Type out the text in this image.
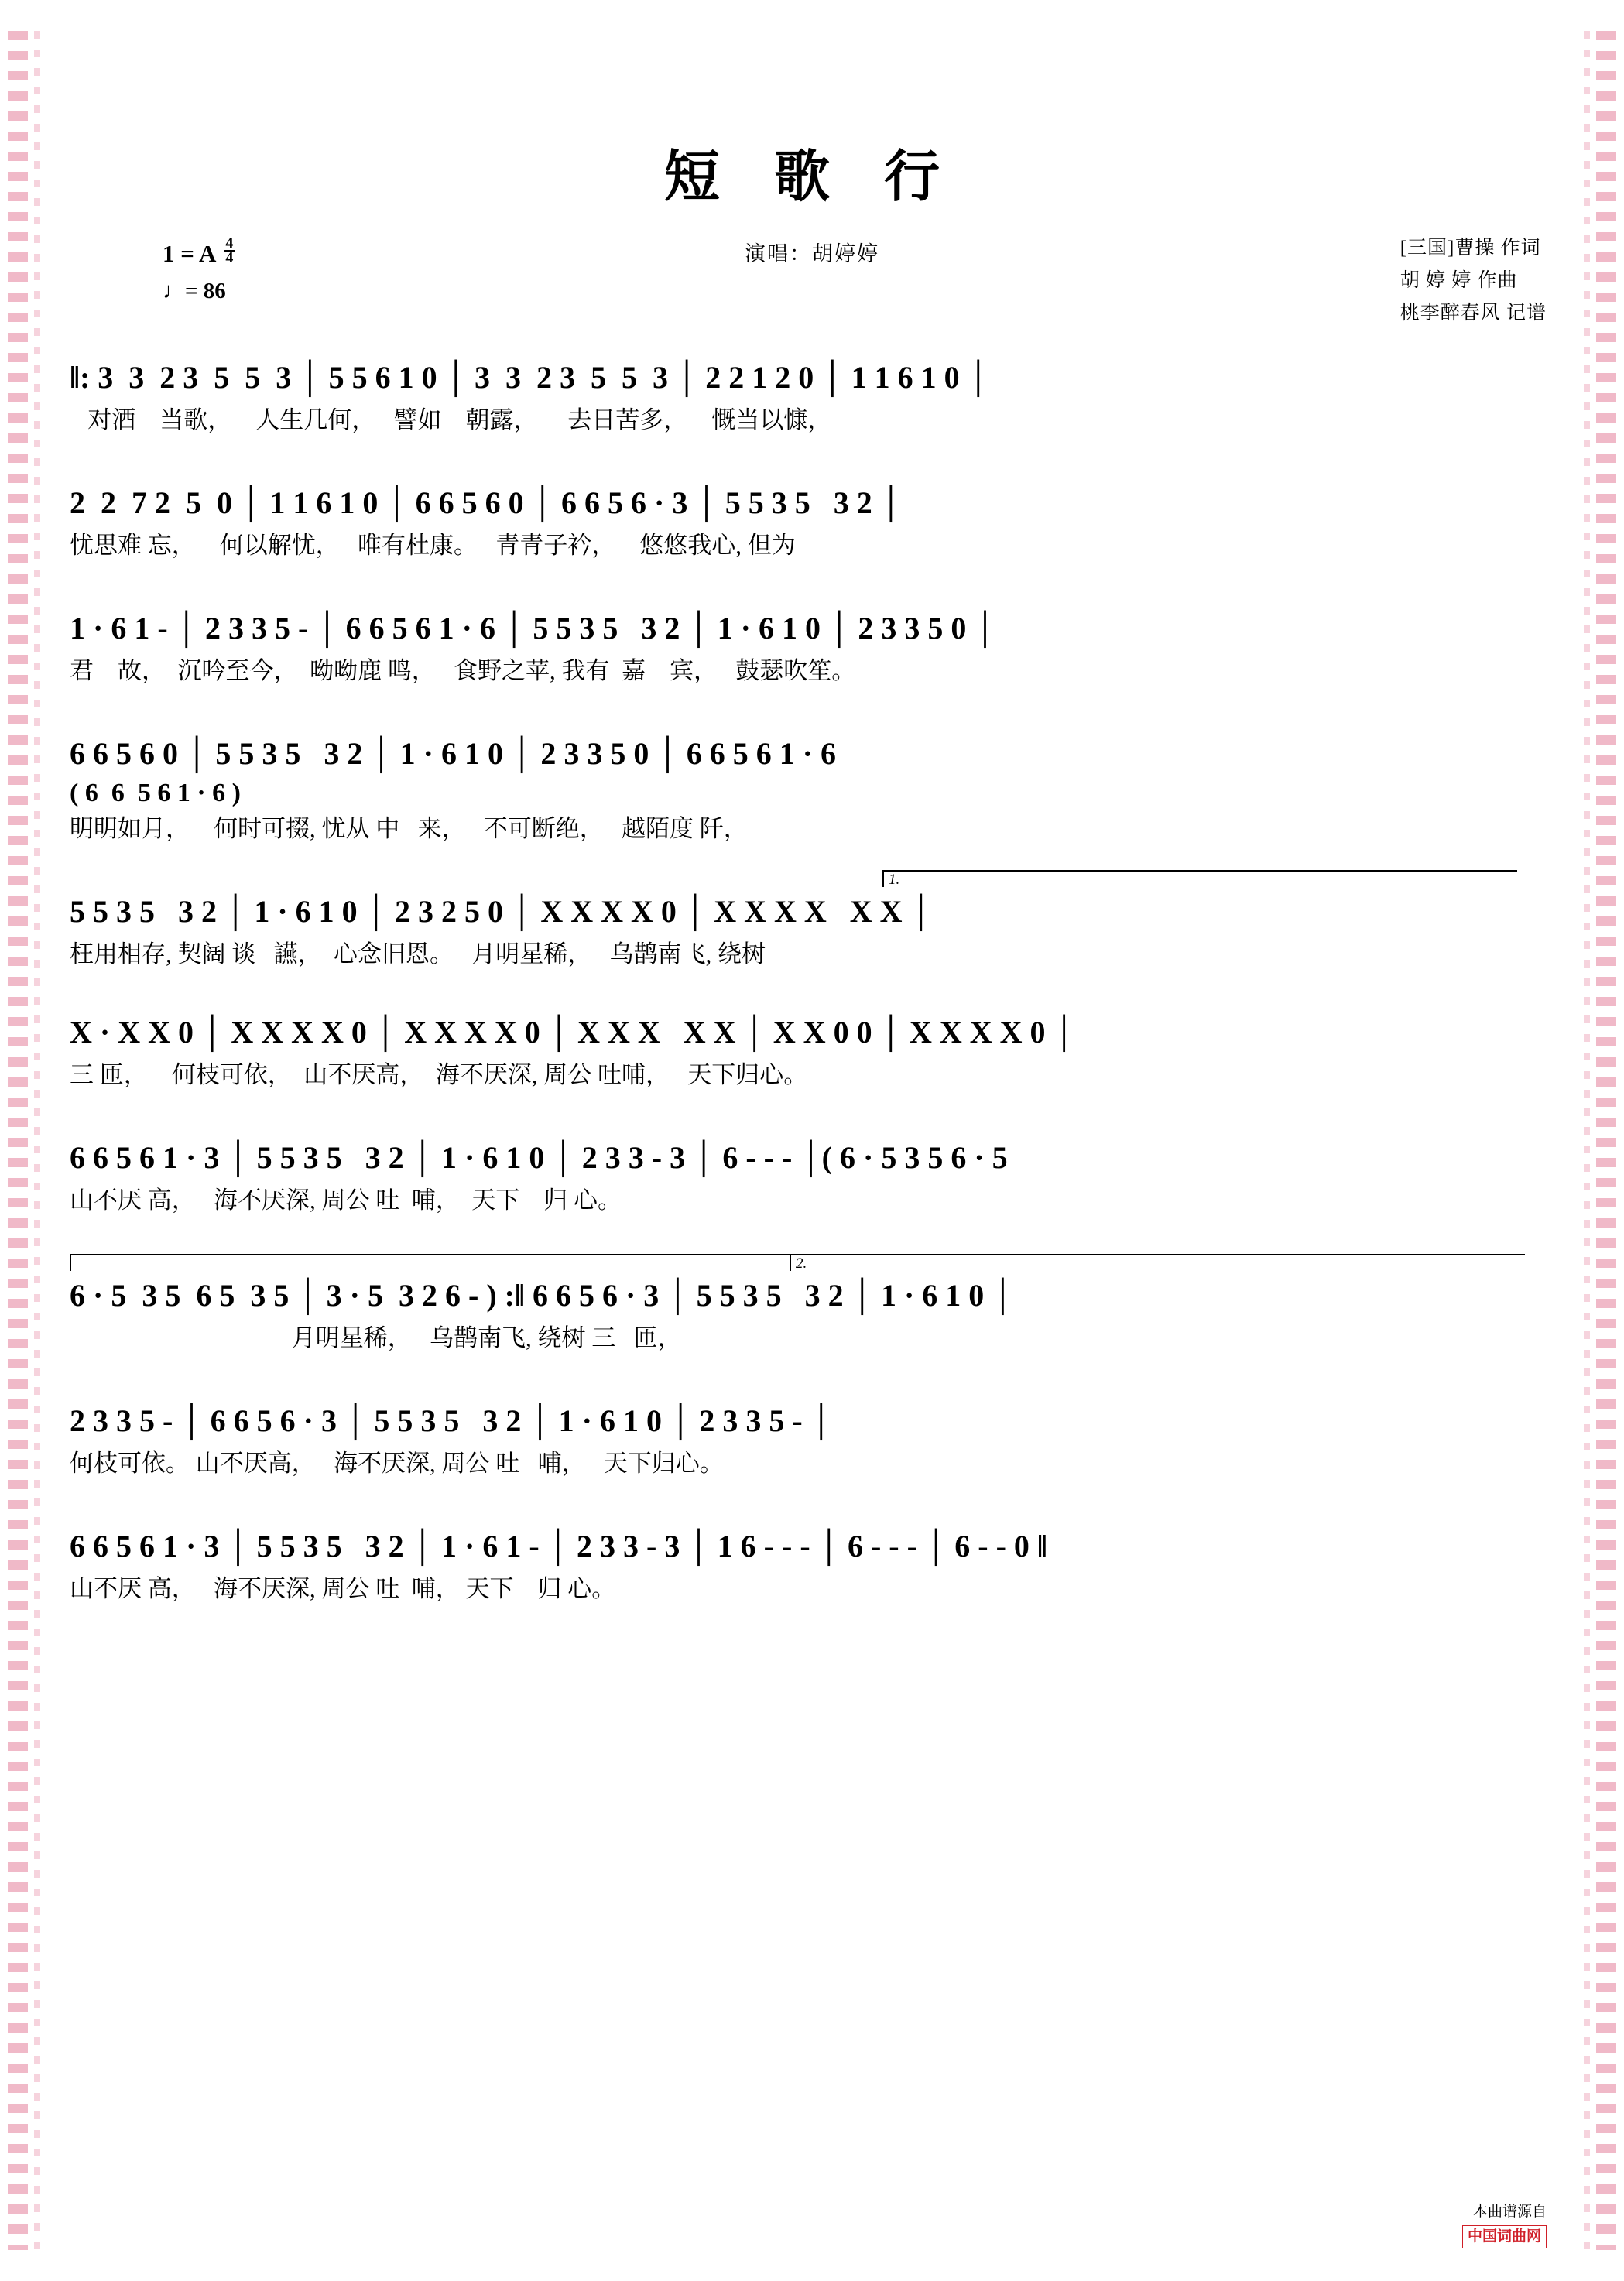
短 歌 行
演唱：胡婷婷	[三国]曹操 作词
胡 婷 婷 作曲
桃李醉春风 记谱
1 = A $\frac{4}{4}$
♩= 86
‖: 3  3  2 3  5  5  3 │ 5 5 6 1 0 │ 3  3  2 3  5  5  3 │ 2 2 1 2 0 │ 1 1 6 1 0 │
对酒    当歌，    人生几何，   譬如    朝露，     去日苦多，    慨当以慷，
2  2  7 2  5  0 │ 1 1 6 1 0 │ 6 6 5 6 0 │ 6 6 5 6 · 3 │ 5 5 3 5   3 2 │
忧思难 忘，    何以解忧，   唯有杜康。   青青子衿，    悠悠我心, 但为
1 · 6 1 - │ 2 3 3 5 - │ 6 6 5 6 1 · 6 │ 5 5 3 5   3 2 │ 1 · 6 1 0 │ 2 3 3 5 0 │
君    故，  沉吟至今，  呦呦鹿 鸣，   食野之苹, 我有  嘉    宾，   鼓瑟吹笙。
6 6 5 6 0 │ 5 5 3 5   3 2 │ 1 · 6 1 0 │ 2 3 3 5 0 │ 6 6 5 6 1 · 6
( 6  6  5 6 1 · 6 )
明明如月，    何时可掇, 忧从 中   来，   不可断绝，   越陌度 阡，
1.
5 5 3 5   3 2 │ 1 · 6 1 0 │ 2 3 2 5 0 │ X X X X 0 │ X X X X   X X │
枉用相存, 契阔 谈   讌，  心念旧恩。   月明星稀，   乌鹊南飞, 绕树
X · X X 0 │ X X X X 0 │ X X X X 0 │ X X X   X X │ X X 0 0 │ X X X X 0 │
三 匝，    何枝可依，  山不厌高，  海不厌深, 周公 吐哺，   天下归心。
6 6 5 6 1 · 3 │ 5 5 3 5   3 2 │ 1 · 6 1 0 │ 2 3 3 - 3 │ 6 - - - │( 6 · 5 3 5 6 · 5
山不厌 高，   海不厌深, 周公 吐  哺，  天下    归 心。
2.
6 · 5  3 5  6 5  3 5 │ 3 · 5  3 2 6 - ) :‖ 6 6 5 6 · 3 │ 5 5 3 5   3 2 │ 1 · 6 1 0 │
月明星稀，   乌鹊南飞, 绕树 三   匝，
2 3 3 5 - │ 6 6 5 6 · 3 │ 5 5 3 5   3 2 │ 1 · 6 1 0 │ 2 3 3 5 - │
何枝可依。 山不厌高，   海不厌深, 周公 吐   哺，   天下归心。
6 6 5 6 1 · 3 │ 5 5 3 5   3 2 │ 1 · 6 1 - │ 2 3 3 - 3 │ 1 6 - - - │ 6 - - - │ 6 - - 0 ‖
山不厌 高，   海不厌深, 周公 吐  哺， 天下    归 心。
本曲谱源自
中国词曲网
